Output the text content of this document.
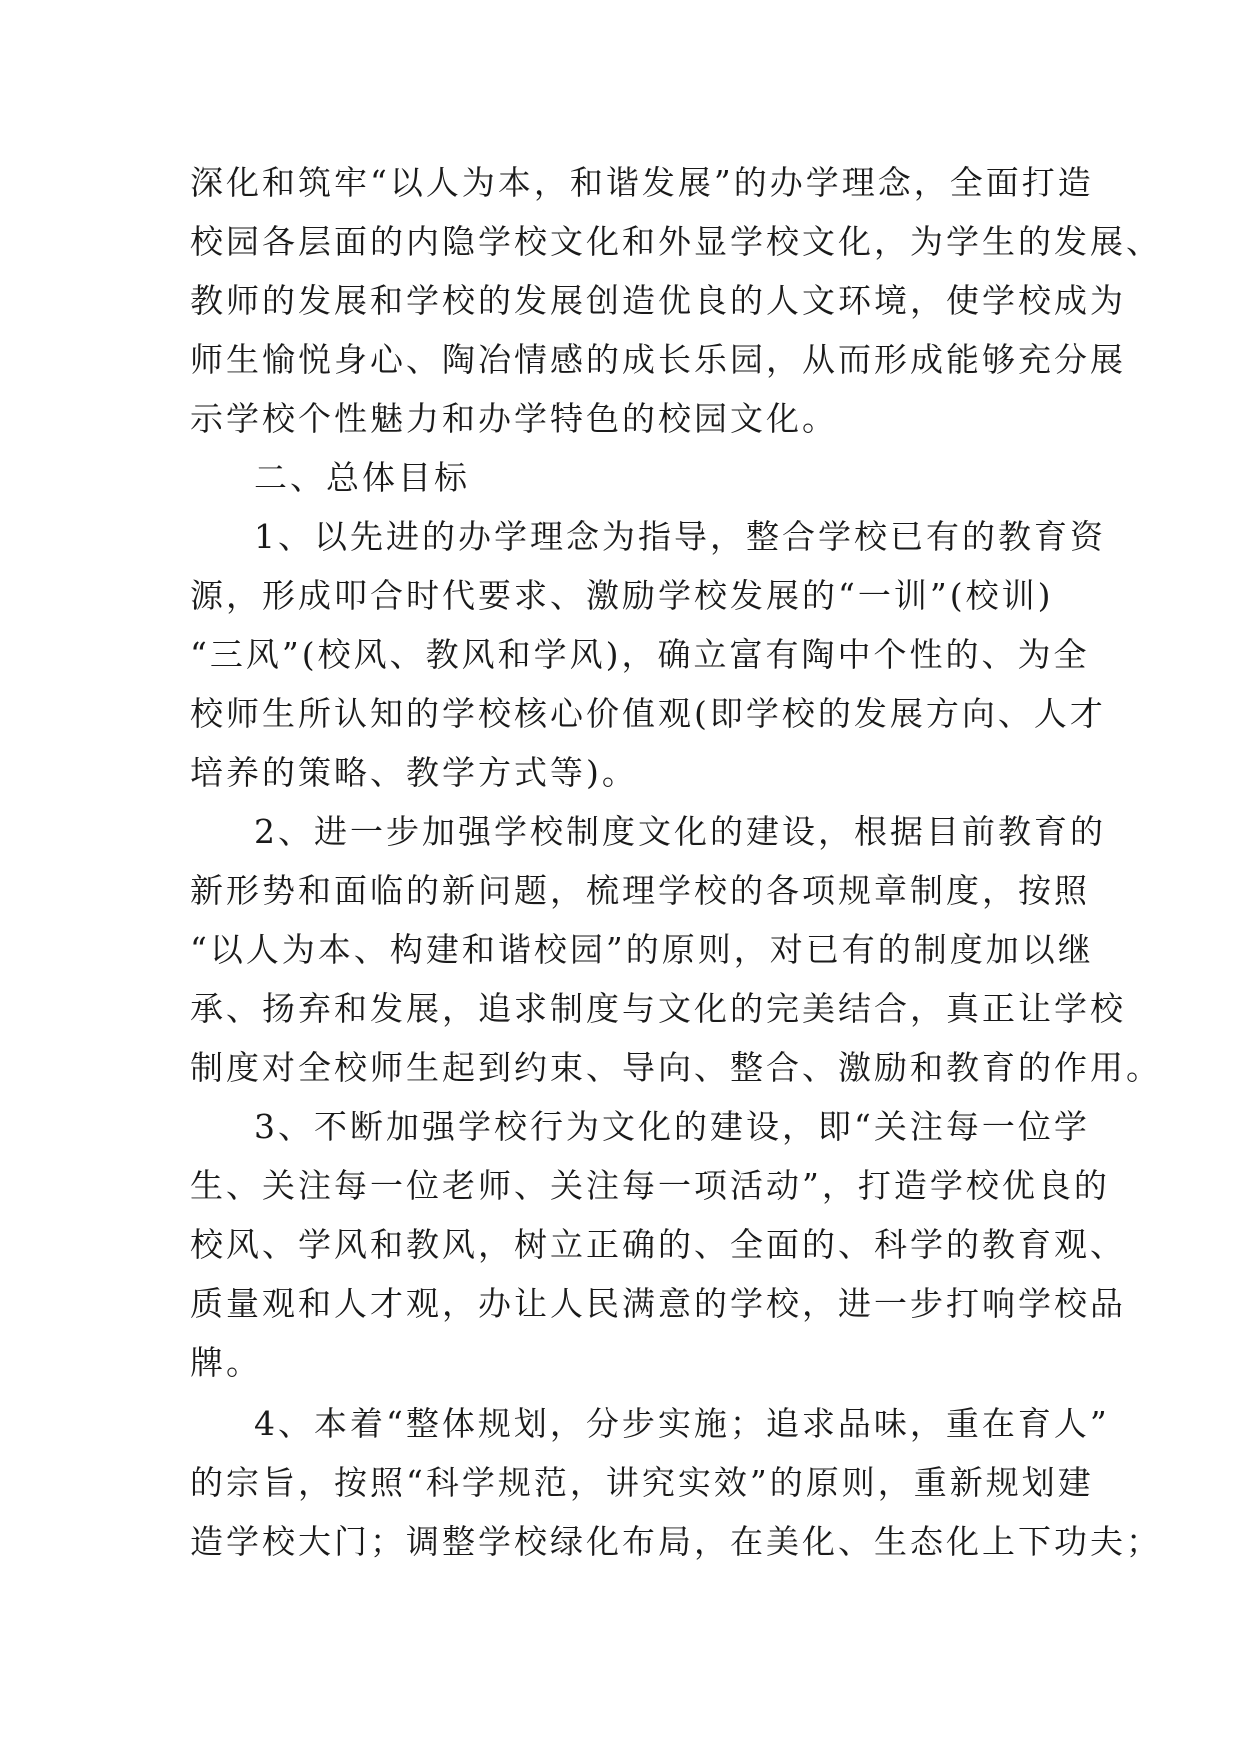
深化和筑牢“以人为本，和谐发展”的办学理念，全面打造
校园各层面的内隐学校文化和外显学校文化，为学生的发展、
教师的发展和学校的发展创造优良的人文环境，使学校成为
师生愉悦身心、陶冶情感的成长乐园，从而形成能够充分展
示学校个性魅力和办学特色的校园文化。
二、总体目标
1、以先进的办学理念为指导，整合学校已有的教育资
源，形成叩合时代要求、激励学校发展的“一训”(校训)
“三风”(校风、教风和学风)，确立富有陶中个性的、为全
校师生所认知的学校核心价值观(即学校的发展方向、人才
培养的策略、教学方式等)。
2、进一步加强学校制度文化的建设，根据目前教育的
新形势和面临的新问题，梳理学校的各项规章制度，按照
“以人为本、构建和谐校园”的原则，对已有的制度加以继
承、扬弃和发展，追求制度与文化的完美结合，真正让学校
制度对全校师生起到约束、导向、整合、激励和教育的作用。
3、不断加强学校行为文化的建设，即“关注每一位学
生、关注每一位老师、关注每一项活动”，打造学校优良的
校风、学风和教风，树立正确的、全面的、科学的教育观、
质量观和人才观，办让人民满意的学校，进一步打响学校品
牌。
4、本着“整体规划，分步实施；追求品味，重在育人”
的宗旨，按照“科学规范，讲究实效”的原则，重新规划建
造学校大门；调整学校绿化布局，在美化、生态化上下功夫；
